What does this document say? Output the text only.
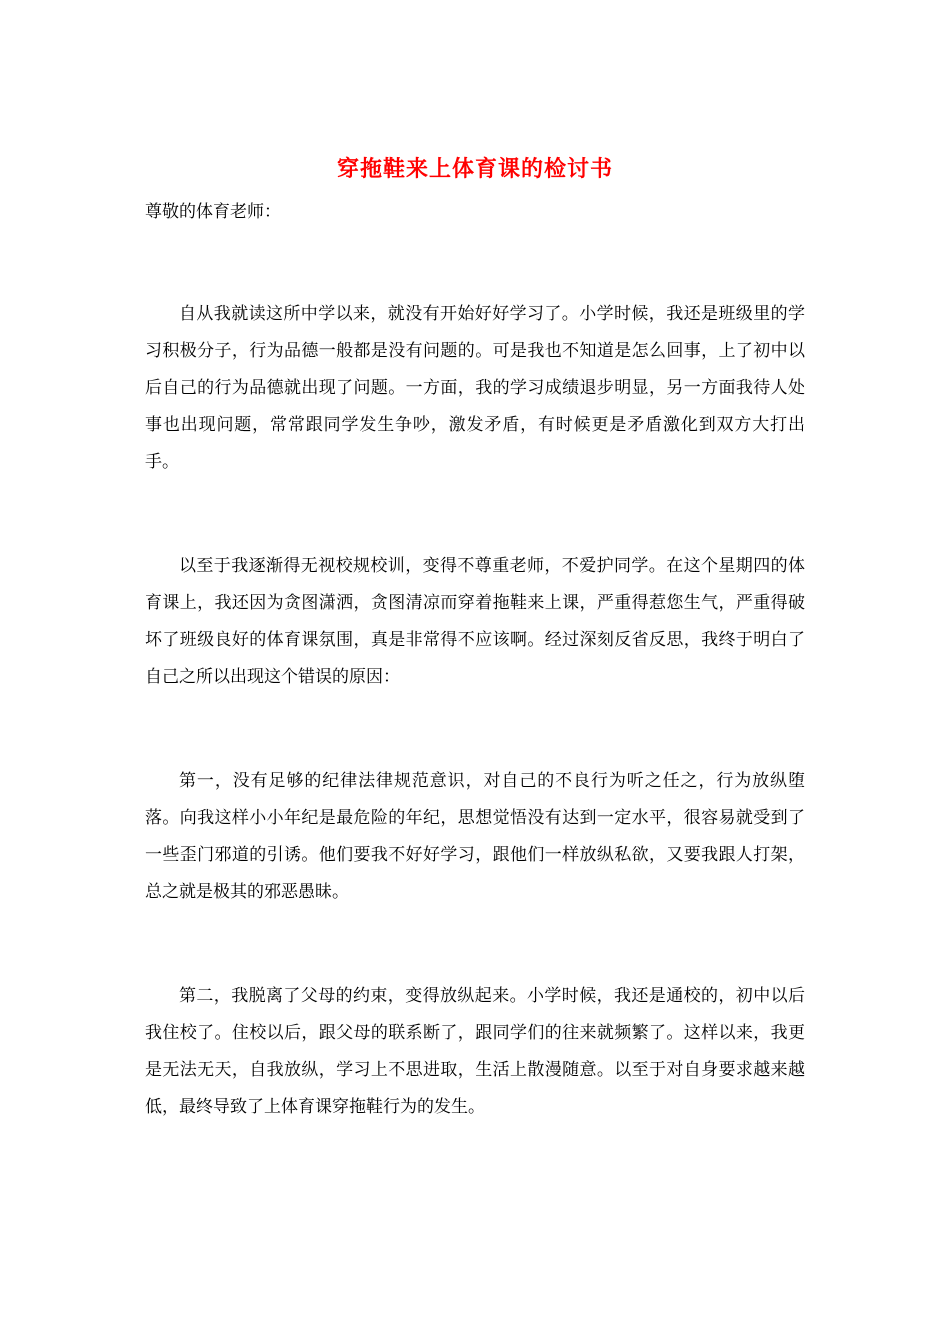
穿拖鞋来上体育课的检讨书
尊敬的体育老师：

自从我就读这所中学以来，就没有开始好好学习了。小学时候，我还是班级里的学习积极分子，行为品德一般都是没有问题的。可是我也不知道是怎么回事，上了初中以后自己的行为品德就出现了问题。一方面，我的学习成绩退步明显，另一方面我待人处事也出现问题，常常跟同学发生争吵，激发矛盾，有时候更是矛盾激化到双方大打出手。

以至于我逐渐得无视校规校训，变得不尊重老师，不爱护同学。在这个星期四的体育课上，我还因为贪图潇洒，贪图清凉而穿着拖鞋来上课，严重得惹您生气，严重得破坏了班级良好的体育课氛围，真是非常得不应该啊。经过深刻反省反思，我终于明白了自己之所以出现这个错误的原因：

第一，没有足够的纪律法律规范意识，对自己的不良行为听之任之，行为放纵堕落。向我这样小小年纪是最危险的年纪，思想觉悟没有达到一定水平，很容易就受到了一些歪门邪道的引诱。他们要我不好好学习，跟他们一样放纵私欲，又要我跟人打架，总之就是极其的邪恶愚昧。

第二，我脱离了父母的约束，变得放纵起来。小学时候，我还是通校的，初中以后我住校了。住校以后，跟父母的联系断了，跟同学们的往来就频繁了。这样以来，我更是无法无天，自我放纵，学习上不思进取，生活上散漫随意。以至于对自身要求越来越低，最终导致了上体育课穿拖鞋行为的发生。
